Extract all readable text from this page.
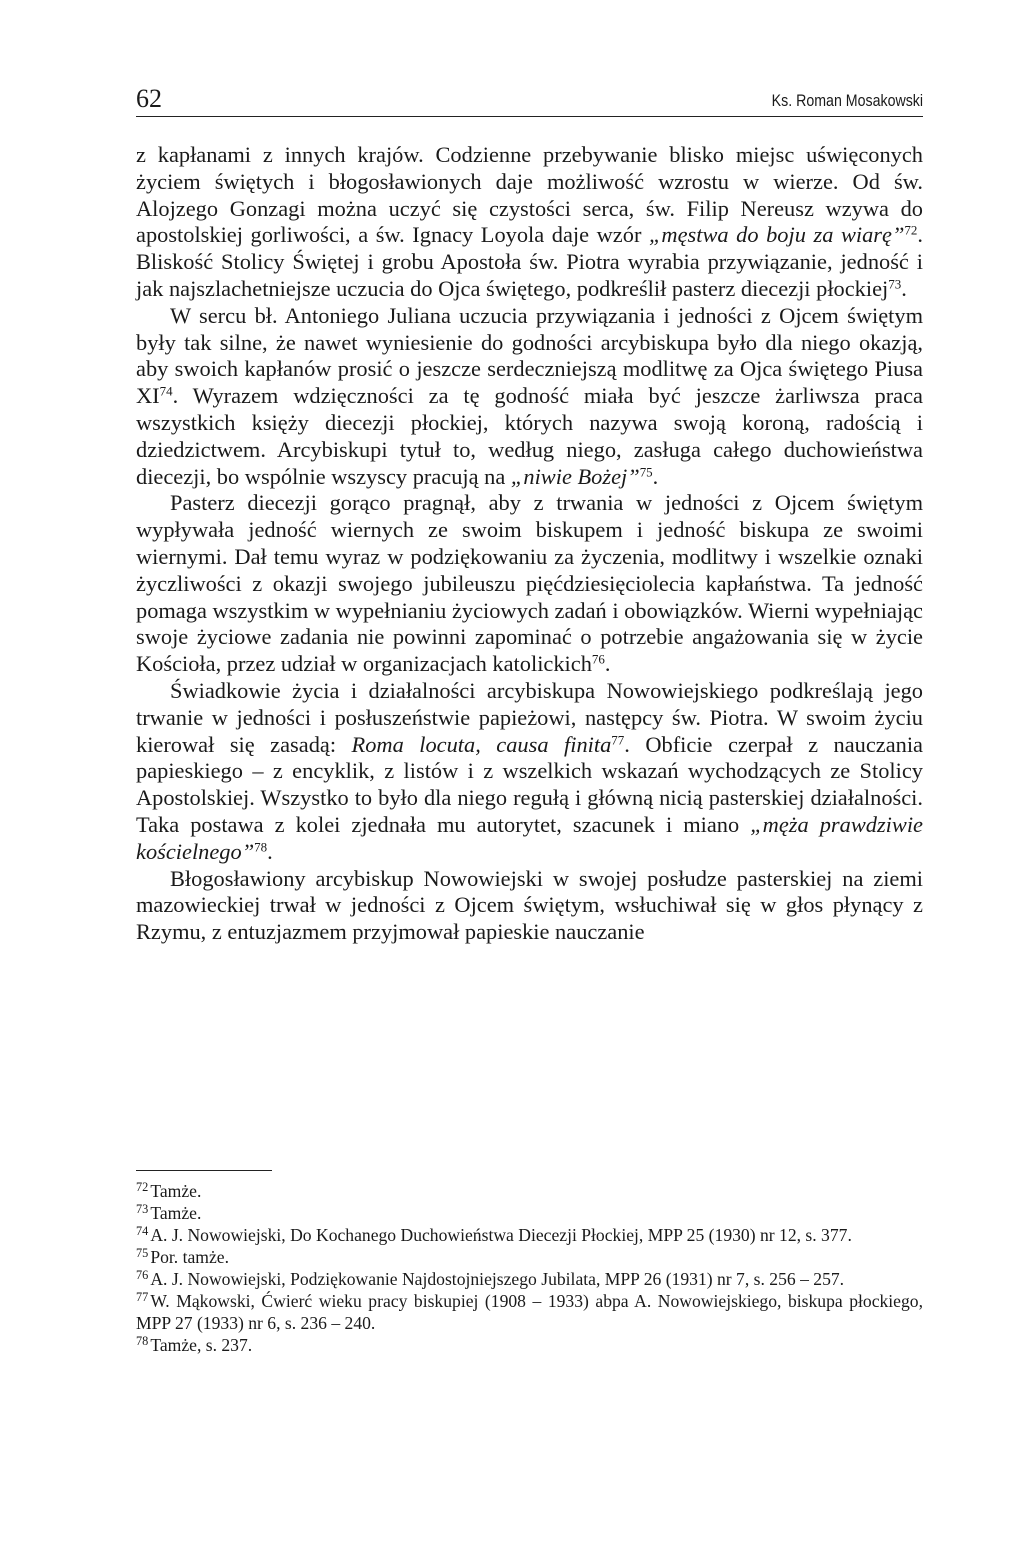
62	Ks. Roman Mosakowski

z kapłanami z innych krajów. Codzienne przebywanie blisko miejsc uświęconych życiem świętych i błogosławionych daje możliwość wzrostu w wierze. Od św. Alojzego Gonzagi można uczyć się czystości serca, św. Filip Nereusz wzywa do apostolskiej gorliwości, a św. Ignacy Loyola daje wzór „męstwa do boju za wiarę”$^{72}$. Bliskość Stolicy Świętej i grobu Apostoła św. Piotra wyrabia przywiązanie, jedność i jak najszlachetniejsze uczucia do Ojca świętego, podkreślił pasterz diecezji płockiej$^{73}$.

W sercu bł. Antoniego Juliana uczucia przywiązania i jedności z Ojcem świętym były tak silne, że nawet wyniesienie do godności arcybiskupa było dla niego okazją, aby swoich kapłanów prosić o jeszcze serdeczniejszą modlitwę za Ojca świętego Piusa XI$^{74}$. Wyrazem wdzięczności za tę godność miała być jeszcze żarliwsza praca wszystkich księży diecezji płockiej, których nazywa swoją koroną, radością i dziedzictwem. Arcybiskupi tytuł to, według niego, zasługa całego duchowieństwa diecezji, bo wspólnie wszyscy pracują na „niwie Bożej”$^{75}$.

Pasterz diecezji gorąco pragnął, aby z trwania w jedności z Ojcem świętym wypływała jedność wiernych ze swoim biskupem i jedność biskupa ze swoimi wiernymi. Dał temu wyraz w podziękowaniu za życzenia, modlitwy i wszelkie oznaki życzliwości z okazji swojego jubileuszu pięćdziesięciolecia kapłaństwa. Ta jedność pomaga wszystkim w wypełnianiu życiowych zadań i obowiązków. Wierni wypełniając swoje życiowe zadania nie powinni zapominać o potrzebie angażowania się w życie Kościoła, przez udział w organizacjach katolickich$^{76}$.

Świadkowie życia i działalności arcybiskupa Nowowiejskiego podkreślają jego trwanie w jedności i posłuszeństwie papieżowi, następcy św. Piotra. W swoim życiu kierował się zasadą: Roma locuta, causa finita$^{77}$. Obficie czerpał z nauczania papieskiego – z encyklik, z listów i z wszelkich wskazań wychodzących ze Stolicy Apostolskiej. Wszystko to było dla niego regułą i główną nicią pasterskiej działalności. Taka postawa z kolei zjednała mu autorytet, szacunek i miano „męża prawdziwie kościelnego”$^{78}$.

Błogosławiony arcybiskup Nowowiejski w swojej posłudze pasterskiej na ziemi mazowieckiej trwał w jedności z Ojcem świętym, wsłuchiwał się w głos płynący z Rzymu, z entuzjazmem przyjmował papieskie nauczanie

$^{72}$ Tamże.

$^{73}$ Tamże.

$^{74}$ A. J. Nowowiejski, Do Kochanego Duchowieństwa Diecezji Płockiej, MPP 25 (1930) nr 12, s. 377.

$^{75}$ Por. tamże.

$^{76}$ A. J. Nowowiejski, Podziękowanie Najdostojniejszego Jubilata, MPP 26 (1931) nr 7, s. 256 – 257.

$^{77}$ W. Mąkowski, Ćwierć wieku pracy biskupiej (1908 – 1933) abpa A. Nowowiejskiego, biskupa płockiego, MPP 27 (1933) nr 6, s. 236 – 240.

$^{78}$ Tamże, s. 237.
